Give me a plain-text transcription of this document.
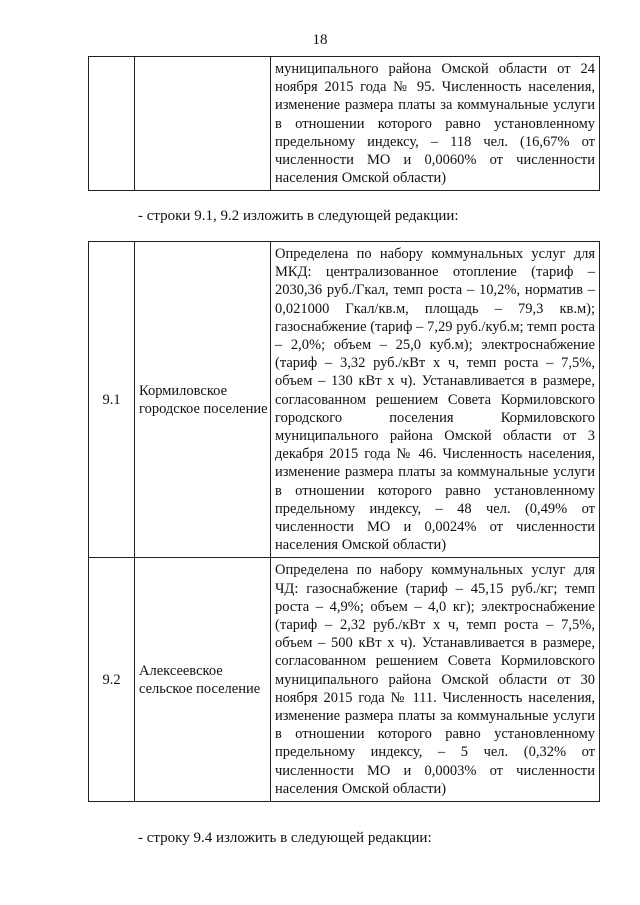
18
		муниципального района Омской области от 24 ноября 2015 года № 95. Численность населения, изменение размера платы за коммунальные услуги в отношении которого равно установленному предельному индексу, – 118 чел. (16,67% от численности МО и 0,0060% от численности населения Омской области)
- строки 9.1, 9.2 изложить в следующей редакции:
9.1	Кормиловское городское поселение	Определена по набору коммунальных услуг для МКД: централизованное отопление (тариф – 2030,36 руб./Гкал, темп роста – 10,2%, норматив – 0,021000 Гкал/кв.м, площадь – 79,3 кв.м); газоснабжение (тариф – 7,29 руб./куб.м; темп роста – 2,0%; объем – 25,0 куб.м); электроснабжение (тариф – 3,32 руб./кВт х ч, темп роста – 7,5%, объем – 130 кВт х ч). Устанавливается в размере, согласованном решением Совета Кормиловского городского поселения Кормиловского муниципального района Омской области от 3 декабря 2015 года № 46. Численность населения, изменение размера платы за коммунальные услуги в отношении которого равно установленному предельному индексу, – 48 чел. (0,49% от численности МО и 0,0024% от численности населения Омской области)
9.2	Алексеевское сельское поселение	Определена по набору коммунальных услуг для ЧД: газоснабжение (тариф – 45,15 руб./кг; темп роста – 4,9%; объем – 4,0 кг); электроснабжение (тариф – 2,32 руб./кВт х ч, темп роста – 7,5%, объем – 500 кВт х ч). Устанавливается в размере, согласованном решением Совета Кормиловского муниципального района Омской области от 30 ноября 2015 года № 111. Численность населения, изменение размера платы за коммунальные услуги в отношении которого равно установленному предельному индексу, – 5 чел. (0,32% от численности МО и 0,0003% от численности населения Омской области)
- строку 9.4 изложить в следующей редакции:
